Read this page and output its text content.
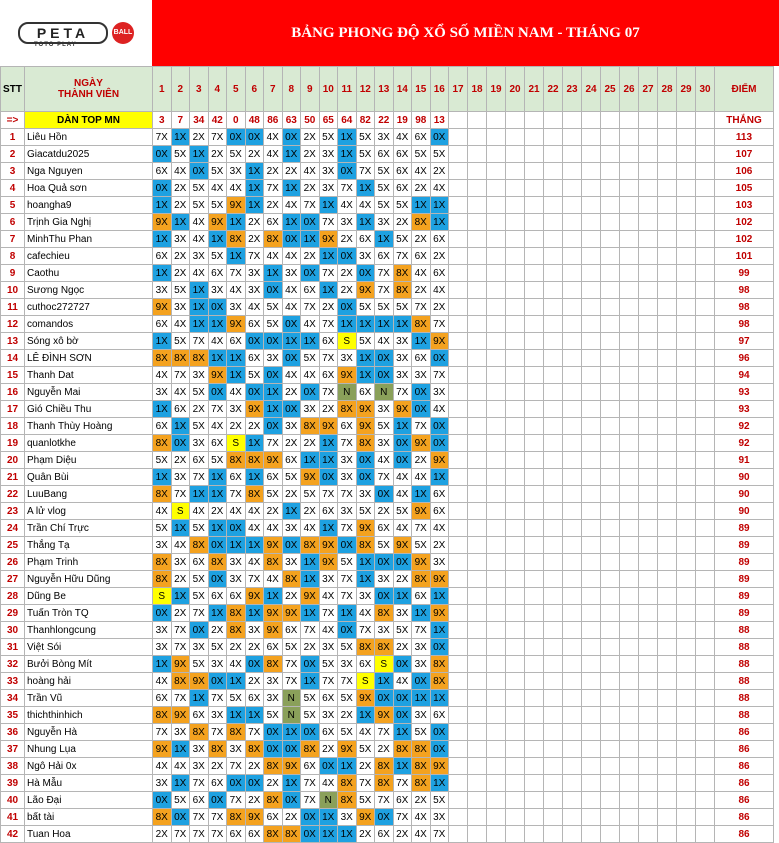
PETA	BALL
TOTO PLAY
BẢNG PHONG ĐỘ XỔ SỐ MIỀN NAM - THÁNG 07
STT	NGÀY
THÀNH VIÊN	1	2	3	4	5	6	7	8	9	10	11	12	13	14	15	16	17	18	19	20	21	22	23	24	25	26	27	28	29	30	ĐIỂM
=>	DÀN TOP MN	3	7	34	42	0	48	86	63	50	65	64	82	22	19	98	13															THẮNG
1	Liêu Hồn	7X	1X	2X	7X	0X	0X	4X	0X	2X	5X	1X	5X	3X	4X	6X	0X															113
2	Giacatdu2025	0X	5X	1X	2X	5X	2X	4X	1X	2X	3X	1X	5X	6X	6X	5X	5X															107
3	Nga Nguyen	6X	4X	0X	5X	3X	1X	2X	2X	4X	3X	0X	7X	5X	6X	4X	2X															106
4	Hoa Quả sơn	0X	2X	5X	4X	4X	1X	7X	1X	2X	3X	7X	1X	5X	6X	2X	4X															105
5	hoangha9	1X	2X	5X	5X	9X	1X	2X	4X	7X	1X	4X	4X	5X	5X	1X	1X															103
6	Trịnh Gia Nghị	9X	1X	4X	9X	1X	2X	6X	1X	0X	7X	3X	1X	3X	2X	8X	1X															102
7	MinhThu Phan	1X	3X	4X	1X	8X	2X	8X	0X	1X	9X	2X	6X	1X	5X	2X	6X															102
8	cafechieu	6X	2X	3X	5X	1X	7X	4X	4X	2X	1X	0X	3X	6X	7X	6X	2X															101
9	Caothu	1X	2X	4X	6X	7X	3X	1X	3X	0X	7X	2X	0X	7X	8X	4X	6X															99
10	Sương Ngọc	3X	5X	1X	3X	4X	3X	0X	4X	6X	1X	2X	9X	7X	8X	2X	4X															98
11	cuthoc272727	9X	3X	1X	0X	3X	4X	5X	4X	7X	2X	0X	5X	5X	5X	7X	2X															98
12	comandos	6X	4X	1X	1X	9X	6X	5X	0X	4X	7X	1X	1X	1X	1X	8X	7X															98
13	Sóng xô bờ	1X	5X	7X	4X	6X	0X	0X	1X	1X	6X	S	5X	4X	3X	1X	9X															97
14	LÊ ĐÌNH SƠN	8X	8X	8X	1X	1X	6X	3X	0X	5X	7X	3X	1X	0X	3X	6X	0X															96
15	Thanh Dat	4X	7X	3X	9X	1X	5X	0X	4X	4X	6X	9X	1X	0X	3X	3X	7X															94
16	Nguyễn Mai	3X	4X	5X	0X	4X	0X	1X	2X	0X	7X	N	6X	N	7X	0X	3X															93
17	Gió Chiều Thu	1X	6X	2X	7X	3X	9X	1X	0X	3X	2X	8X	9X	3X	9X	0X	4X															93
18	Thanh Thùy Hoàng	6X	1X	5X	4X	2X	2X	0X	3X	8X	9X	6X	9X	5X	1X	7X	0X															92
19	quanlotkhe	8X	0X	3X	6X	S	1X	7X	2X	2X	1X	7X	8X	3X	0X	9X	0X															92
20	Phạm Diệu	5X	2X	6X	5X	8X	8X	9X	6X	1X	1X	3X	0X	4X	0X	2X	9X															91
21	Quân Bùi	1X	3X	7X	1X	6X	1X	6X	5X	9X	0X	3X	0X	7X	4X	4X	1X															90
22	LuuBang	8X	7X	1X	1X	7X	8X	5X	2X	5X	7X	7X	3X	0X	4X	1X	6X															90
23	A lử vlog	4X	S	4X	2X	4X	4X	2X	1X	2X	6X	3X	5X	2X	5X	9X	6X															90
24	Trần Chí Trực	5X	1X	5X	1X	0X	4X	4X	3X	4X	1X	7X	9X	6X	4X	7X	4X															89
25	Thắng Tạ	3X	4X	8X	0X	1X	1X	9X	0X	8X	9X	0X	8X	5X	9X	5X	2X															89
26	Phạm Trinh	8X	3X	6X	8X	3X	4X	8X	3X	1X	9X	5X	1X	0X	0X	9X	3X															89
27	Nguyễn Hữu Dũng	8X	2X	5X	0X	3X	7X	4X	8X	1X	3X	7X	1X	3X	2X	8X	9X															89
28	Dũng Be	S	1X	5X	6X	6X	9X	1X	2X	9X	4X	7X	3X	0X	1X	6X	1X															89
29	Tuấn Tròn TQ	0X	2X	7X	1X	8X	1X	9X	9X	1X	7X	1X	4X	8X	3X	1X	9X															89
30	Thanhlongcung	3X	7X	0X	2X	8X	3X	9X	6X	7X	4X	0X	7X	3X	5X	7X	1X															88
31	Việt Sói	3X	7X	3X	5X	2X	2X	6X	5X	2X	3X	5X	8X	8X	2X	3X	0X															88
32	Bưởi Bòng Mít	1X	9X	5X	3X	4X	0X	8X	7X	0X	5X	3X	6X	S	0X	3X	8X															88
33	hoàng hải	4X	8X	9X	0X	1X	2X	3X	7X	1X	7X	7X	S	1X	4X	0X	8X															88
34	Trần Vũ	6X	7X	1X	7X	5X	6X	3X	N	5X	6X	5X	9X	0X	0X	1X	1X															88
35	thichthinhich	8X	9X	6X	3X	1X	1X	5X	N	5X	3X	2X	1X	9X	0X	3X	6X															88
36	Nguyễn Hà	7X	3X	8X	7X	8X	7X	0X	1X	0X	6X	5X	4X	7X	1X	5X	0X															86
37	Nhung Lụa	9X	1X	3X	8X	3X	8X	0X	0X	8X	2X	9X	5X	2X	8X	8X	0X															86
38	Ngô Hải 0x	4X	4X	3X	2X	7X	2X	8X	9X	6X	0X	1X	2X	8X	1X	8X	9X															86
39	Hà Mẫu	3X	1X	7X	6X	0X	0X	2X	1X	7X	4X	8X	7X	8X	7X	8X	1X															86
40	Lão Đại	0X	5X	6X	0X	7X	2X	8X	0X	7X	N	8X	5X	7X	6X	2X	5X															86
41	bất tài	8X	0X	7X	7X	8X	9X	6X	2X	0X	1X	3X	9X	0X	7X	4X	3X															86
42	Tuan Hoa	2X	7X	7X	7X	6X	6X	8X	8X	0X	1X	1X	2X	6X	2X	4X	7X															86
